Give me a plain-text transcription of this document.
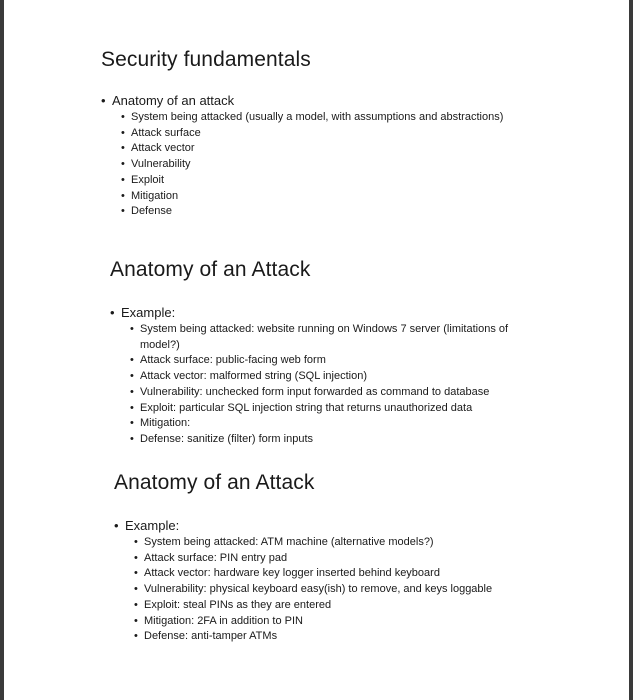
Security fundamentals
• Anatomy of an attack
• System being attacked (usually a model, with assumptions and abstractions)
• Attack surface
• Attack vector
• Vulnerability
• Exploit
• Mitigation
• Defense
Anatomy of an Attack
• Example:
• System being attacked: website running on Windows 7 server (limitations of model?)
• Attack surface: public-facing web form
• Attack vector: malformed string (SQL injection)
• Vulnerability: unchecked form input forwarded as command to database
• Exploit: particular SQL injection string that returns unauthorized data
• Mitigation:
• Defense: sanitize (filter) form inputs
Anatomy of an Attack
• Example:
• System being attacked: ATM machine (alternative models?)
• Attack surface: PIN entry pad
• Attack vector: hardware key logger inserted behind keyboard
• Vulnerability: physical keyboard easy(ish) to remove, and keys loggable
• Exploit: steal PINs as they are entered
• Mitigation: 2FA in addition to PIN
• Defense: anti-tamper ATMs
